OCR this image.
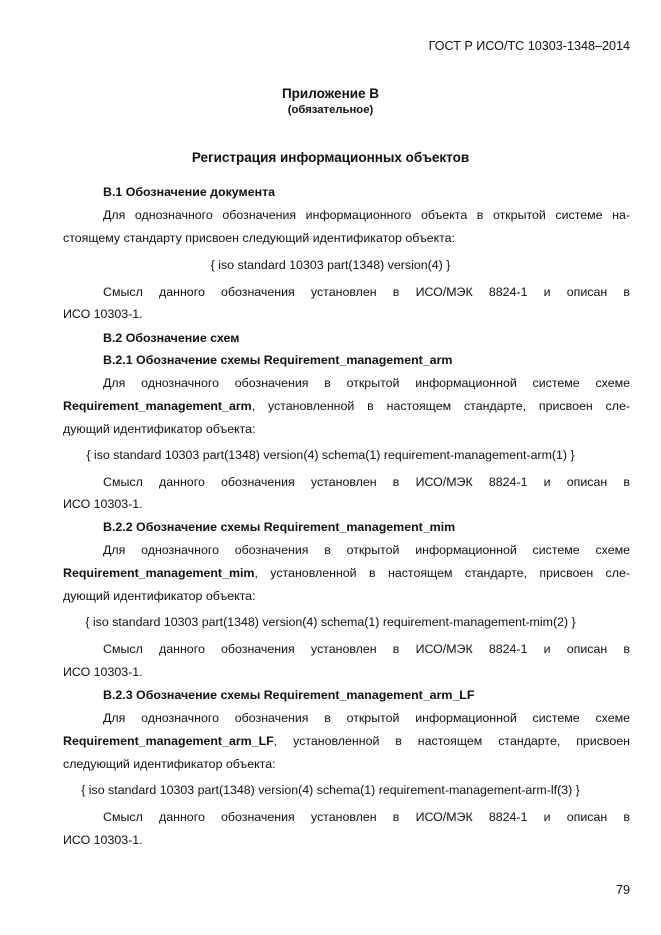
ГОСТ Р ИСО/ТС 10303-1348–2014
Приложение В
(обязательное)
Регистрация информационных объектов
В.1 Обозначение документа
Для однозначного обозначения информационного объекта в открытой системе на-
стоящему стандарту присвоен следующий идентификатор объекта:
{ iso standard 10303 part(1348) version(4) }
Смысл данного обозначения установлен в ИСО/МЭК 8824-1 и описан в
ИСО 10303-1.
В.2 Обозначение схем
В.2.1 Обозначение схемы Requirement_management_arm
Для однозначного обозначения в открытой информационной системе схеме
Requirement_management_arm, установленной в настоящем стандарте, присвоен сле-
дующий идентификатор объекта:
{ iso standard 10303 part(1348) version(4) schema(1) requirement-management-arm(1) }
Смысл данного обозначения установлен в ИСО/МЭК 8824-1 и описан в
ИСО 10303-1.
В.2.2 Обозначение схемы Requirement_management_mim
Для однозначного обозначения в открытой информационной системе схеме
Requirement_management_mim, установленной в настоящем стандарте, присвоен сле-
дующий идентификатор объекта:
{ iso standard 10303 part(1348) version(4) schema(1) requirement-management-mim(2) }
Смысл данного обозначения установлен в ИСО/МЭК 8824-1 и описан в
ИСО 10303-1.
В.2.3 Обозначение схемы Requirement_management_arm_LF
Для однозначного обозначения в открытой информационной системе схеме
Requirement_management_arm_LF, установленной в настоящем стандарте, присвоен
следующий идентификатор объекта:
{ iso standard 10303 part(1348) version(4) schema(1) requirement-management-arm-lf(3) }
Смысл данного обозначения установлен в ИСО/МЭК 8824-1 и описан в
ИСО 10303-1.
79
